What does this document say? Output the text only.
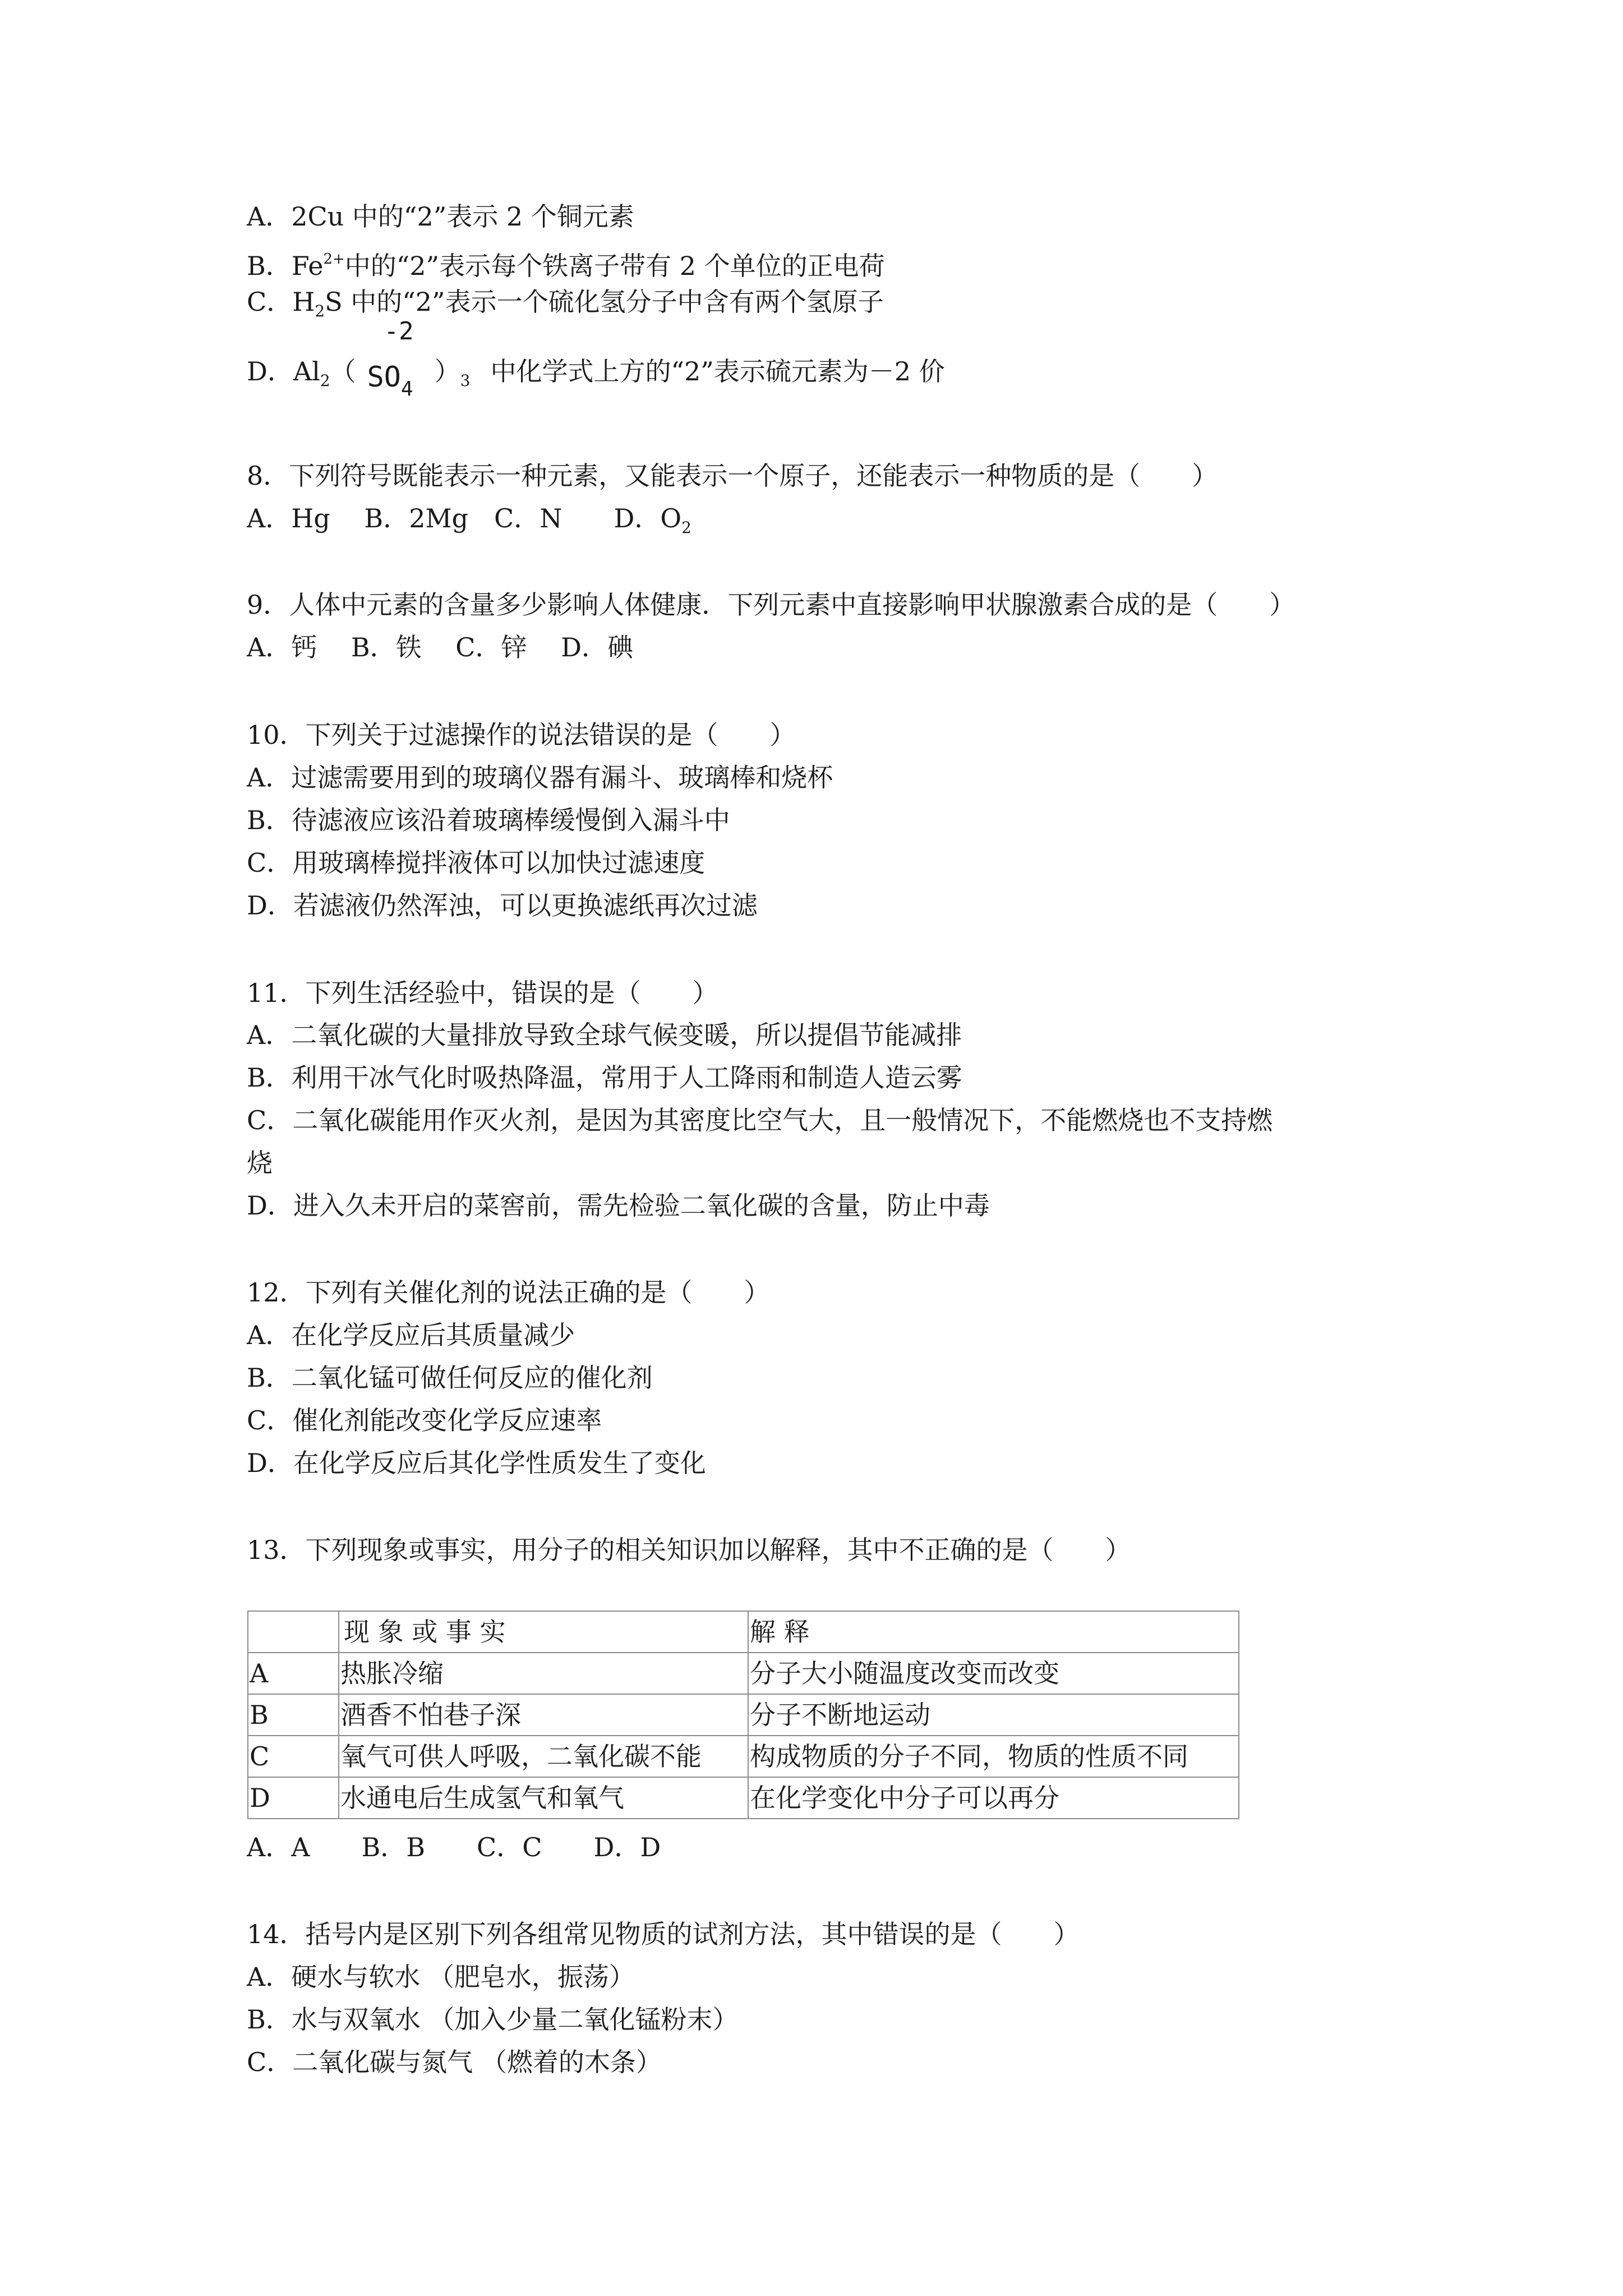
A．2Cu 中的“2”表示 2 个铜元素
B．$Fe^{2+}$中的“2”表示每个铁离子带有 2 个单位的正电荷
C．$H_2S$ 中的“2”表示一个硫化氢分子中含有两个氢原子
D．$Al_2$（
-2
$SO_4$
）$_3$ 中化学式上方的“2”表示硫元素为－2 价
8．下列符号既能表示一种元素，又能表示一个原子，还能表示一种物质的是（　　）
A．Hg　 B．2Mg　C．N　　D．$O_2$
9．人体中元素的含量多少影响人体健康．下列元素中直接影响甲状腺激素合成的是（　　）
A．钙　 B．铁　 C．锌　 D．碘
10．下列关于过滤操作的说法错误的是（　　）
A．过滤需要用到的玻璃仪器有漏斗、玻璃棒和烧杯
B．待滤液应该沿着玻璃棒缓慢倒入漏斗中
C．用玻璃棒搅拌液体可以加快过滤速度
D．若滤液仍然浑浊，可以更换滤纸再次过滤
11．下列生活经验中，错误的是（　　）
A．二氧化碳的大量排放导致全球气候变暖，所以提倡节能减排
B．利用干冰气化时吸热降温，常用于人工降雨和制造人造云雾
C．二氧化碳能用作灭火剂，是因为其密度比空气大，且一般情况下，不能燃烧也不支持燃
烧
D．进入久未开启的菜窖前，需先检验二氧化碳的含量，防止中毒
12．下列有关催化剂的说法正确的是（　　）
A．在化学反应后其质量减少
B．二氧化锰可做任何反应的催化剂
C．催化剂能改变化学反应速率
D．在化学反应后其化学性质发生了变化
13．下列现象或事实，用分子的相关知识加以解释，其中不正确的是（　　）
	现 象 或 事 实	解 释
A	热胀冷缩	分子大小随温度改变而改变
B	酒香不怕巷子深	分子不断地运动
C	氧气可供人呼吸，二氧化碳不能	构成物质的分子不同，物质的性质不同
D	水通电后生成氢气和氧气	在化学变化中分子可以再分
A．A　　B．B　　C．C　　D．D
14．括号内是区别下列各组常见物质的试剂方法，其中错误的是（　　）
A．硬水与软水 （肥皂水，振荡）
B．水与双氧水 （加入少量二氧化锰粉末）
C．二氧化碳与氮气 （燃着的木条）
